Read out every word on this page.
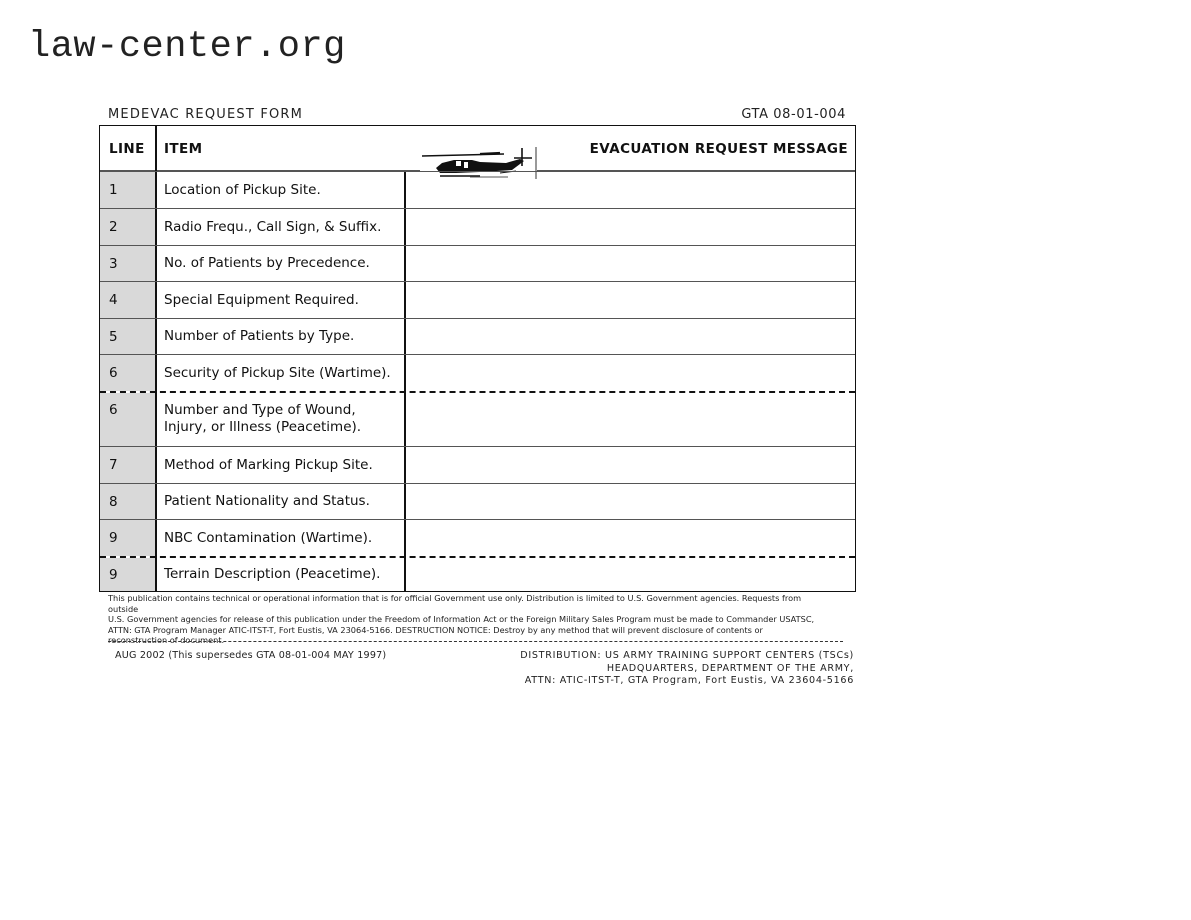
law-center.org
MEDEVAC REQUEST FORM	GTA 08-01-004
LINE ITEM	EVACUATION REQUEST MESSAGE
1	Location of Pickup Site.
2	Radio Frequ., Call Sign, & Suffix.
3	No. of Patients by Precedence.
4	Special Equipment Required.
5	Number of Patients by Type.
6	Security of Pickup Site (Wartime).
6	Number and Type of Wound,
Injury, or Illness (Peacetime).
7	Method of Marking Pickup Site.
8	Patient Nationality and Status.
9	NBC Contamination (Wartime).
9	Terrain Description (Peacetime).
This publication contains technical or operational information that is for official Government use only. Distribution is limited to U.S. Government agencies. Requests from outside
U.S. Government agencies for release of this publication under the Freedom of Information Act or the Foreign Military Sales Program must be made to Commander USATSC,
ATTN: GTA Program Manager ATIC-ITST-T, Fort Eustis, VA 23064-5166. DESTRUCTION NOTICE: Destroy by any method that will prevent disclosure of contents or
reconstruction of document.
AUG 2002 (This supersedes GTA 08-01-004 MAY 1997)	DISTRIBUTION: US ARMY TRAINING SUPPORT CENTERS (TSCs)
HEADQUARTERS, DEPARTMENT OF THE ARMY,
ATTN: ATIC-ITST-T, GTA Program, Fort Eustis, VA 23604-5166
